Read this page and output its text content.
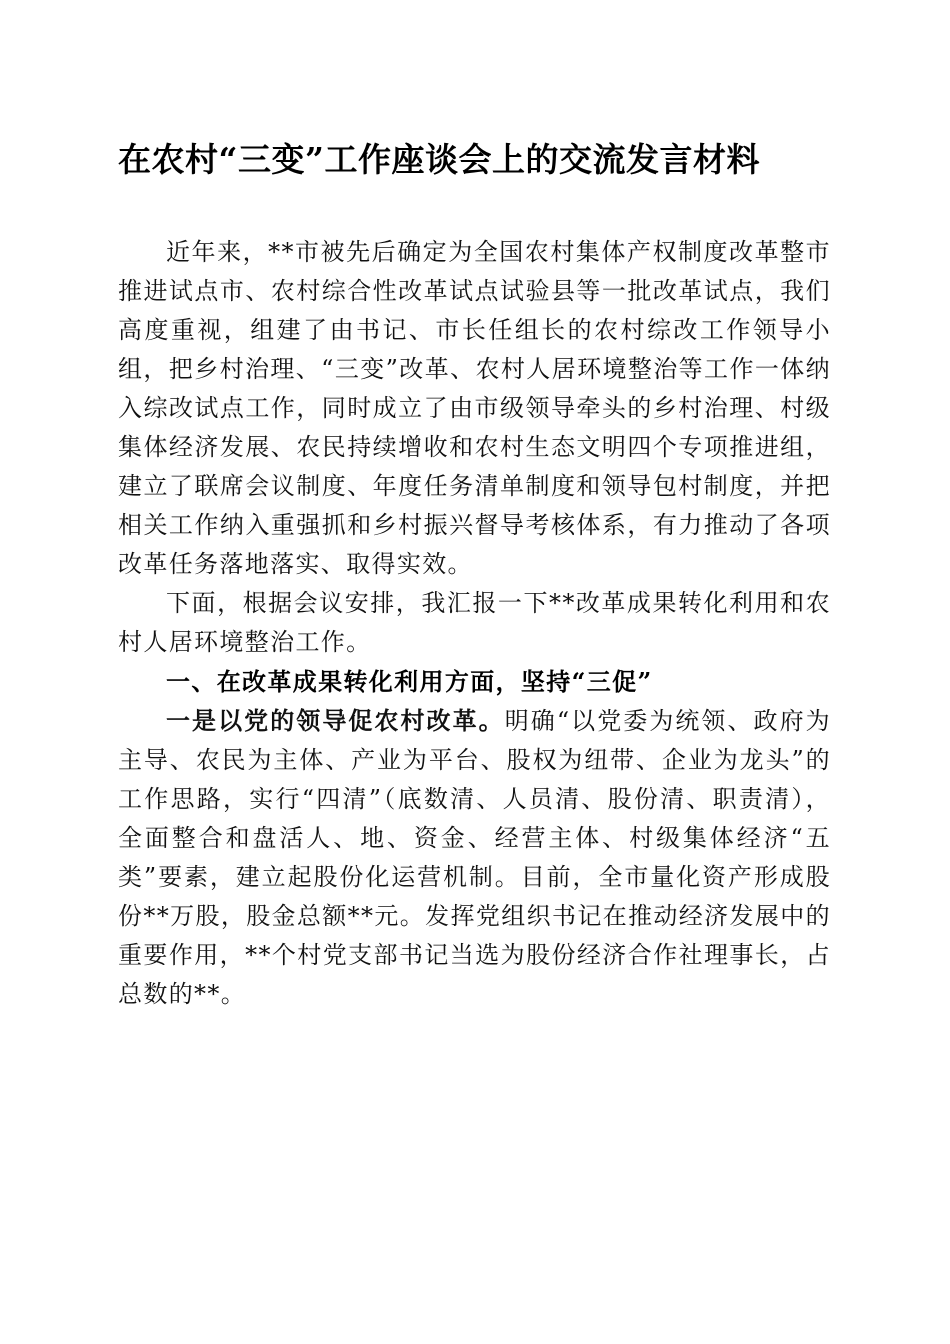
在农村“三变”工作座谈会上的交流发言材料

近年来，**市被先后确定为全国农村集体产权制度改革整市推进试点市、农村综合性改革试点试验县等一批改革试点，我们高度重视，组建了由书记、市长任组长的农村综改工作领导小组，把乡村治理、“三变”改革、农村人居环境整治等工作一体纳入综改试点工作，同时成立了由市级领导牵头的乡村治理、村级集体经济发展、农民持续增收和农村生态文明四个专项推进组，建立了联席会议制度、年度任务清单制度和领导包村制度，并把相关工作纳入重强抓和乡村振兴督导考核体系，有力推动了各项改革任务落地落实、取得实效。

下面，根据会议安排，我汇报一下**改革成果转化利用和农村人居环境整治工作。

一、在改革成果转化利用方面，坚持“三促”

一是以党的领导促农村改革。明确“以党委为统领、政府为主导、农民为主体、产业为平台、股权为纽带、企业为龙头”的工作思路，实行“四清”（底数清、人员清、股份清、职责清），全面整合和盘活人、地、资金、经营主体、村级集体经济“五类”要素，建立起股份化运营机制。目前，全市量化资产形成股份**万股，股金总额**元。发挥党组织书记在推动经济发展中的重要作用，**个村党支部书记当选为股份经济合作社理事长，占总数的**。
